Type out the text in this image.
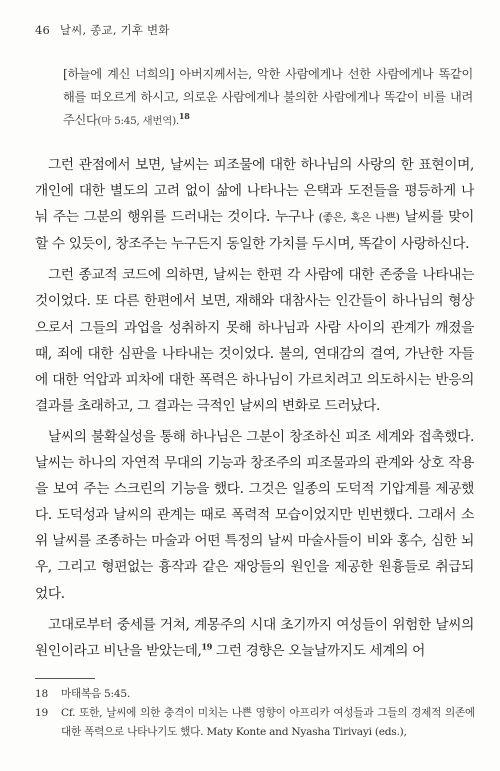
46 날씨, 종교, 기후 변화
[하늘에 계신 너희의] 아버지께서는, 악한 사람에게나 선한 사람에게나 똑같이 해를 떠오르게 하시고, 의로운 사람에게나 불의한 사람에게나 똑같이 비를 내려 주신다(마 5:45, 새번역).$^{18}$

그런 관점에서 보면, 날씨는 피조물에 대한 하나님의 사랑의 한 표현이며, 개인에 대한 별도의 고려 없이 삶에 나타나는 은택과 도전들을 평등하게 나눠 주는 그분의 행위를 드러내는 것이다. 누구나 (좋은, 혹은 나쁜) 날씨를 맞이할 수 있듯이, 창조주는 누구든지 동일한 가치를 두시며, 똑같이 사랑하신다.

그런 종교적 코드에 의하면, 날씨는 한편 각 사람에 대한 존중을 나타내는 것이었다. 또 다른 한편에서 보면, 재해와 대참사는 인간들이 하나님의 형상으로서 그들의 과업을 성취하지 못해 하나님과 사람 사이의 관계가 깨졌을 때, 죄에 대한 심판을 나타내는 것이었다. 불의, 연대감의 결여, 가난한 자들에 대한 억압과 피차에 대한 폭력은 하나님이 가르치려고 의도하시는 반응의 결과를 초래하고, 그 결과는 극적인 날씨의 변화로 드러났다.

날씨의 불확실성을 통해 하나님은 그분이 창조하신 피조 세계와 접촉했다. 날씨는 하나의 자연적 무대의 기능과 창조주의 피조물과의 관계와 상호 작용을 보여 주는 스크린의 기능을 했다. 그것은 일종의 도덕적 기압계를 제공했다. 도덕성과 날씨의 관계는 때로 폭력적 모습이었지만 빈번했다. 그래서 소위 날씨를 조종하는 마술과 어떤 특정의 날씨 마술사들이 비와 홍수, 심한 뇌우, 그리고 형편없는 흉작과 같은 재앙들의 원인을 제공한 원흉들로 취급되었다.

고대로부터 중세를 거쳐, 계몽주의 시대 초기까지 여성들이 위험한 날씨의 원인이라고 비난을 받았는데,$^{19}$ 그런 경향은 오늘날까지도 세계의 어

18	마태복음 5:45.
19	Cf. 또한, 날씨에 의한 충격이 미치는 나쁜 영향이 아프리카 여성들과 그들의 경제적 의존에 대한 폭력으로 나타나기도 했다. Maty Konte and Nyasha Tirivayi (eds.),
